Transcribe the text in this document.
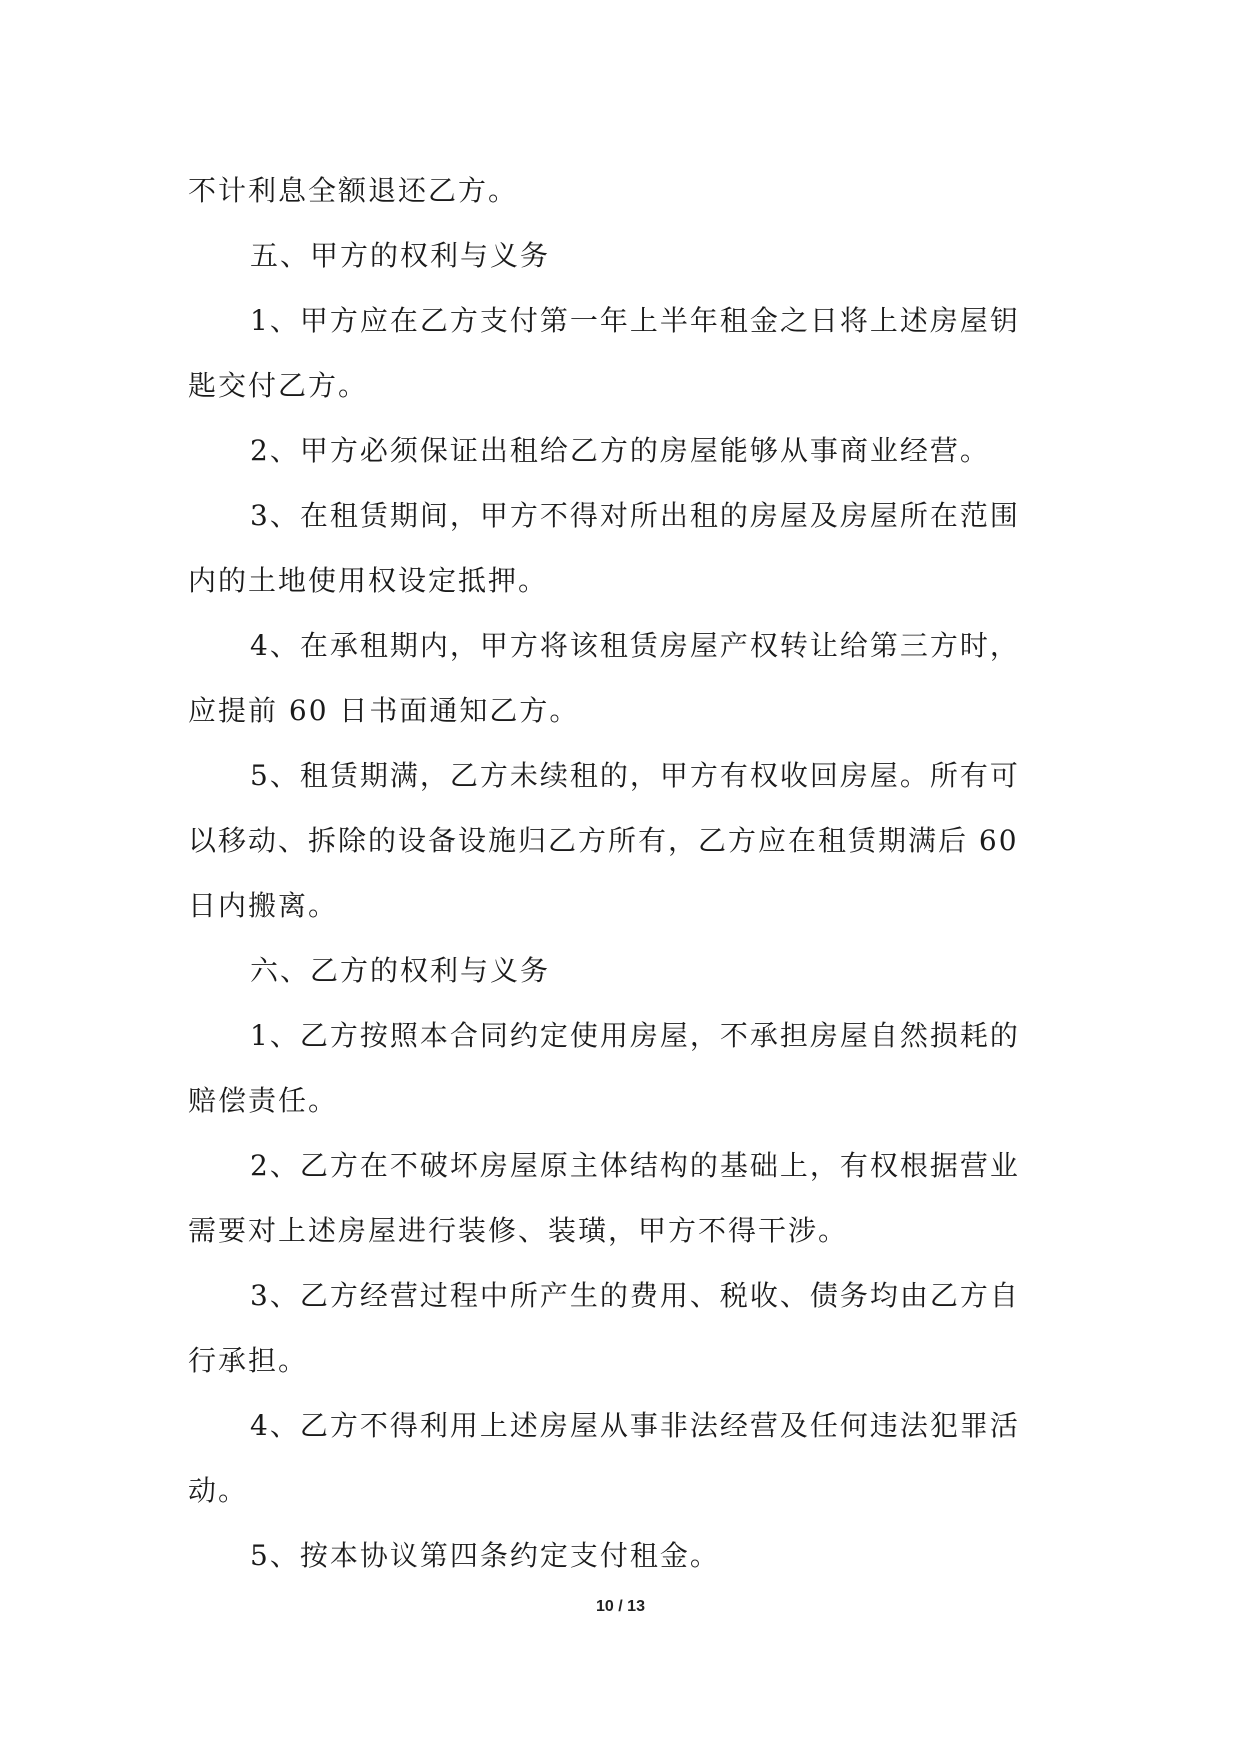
不计利息全额退还乙方。
五、甲方的权利与义务
1、甲方应在乙方支付第一年上半年租金之日将上述房屋钥
匙交付乙方。
2、甲方必须保证出租给乙方的房屋能够从事商业经营。
3、在租赁期间，甲方不得对所出租的房屋及房屋所在范围
内的土地使用权设定抵押。
4、在承租期内，甲方将该租赁房屋产权转让给第三方时，
应提前 60 日书面通知乙方。
5、租赁期满，乙方未续租的，甲方有权收回房屋。所有可
以移动、拆除的设备设施归乙方所有，乙方应在租赁期满后 60
日内搬离。
六、乙方的权利与义务
1、乙方按照本合同约定使用房屋，不承担房屋自然损耗的
赔偿责任。
2、乙方在不破坏房屋原主体结构的基础上，有权根据营业
需要对上述房屋进行装修、装璜，甲方不得干涉。
3、乙方经营过程中所产生的费用、税收、债务均由乙方自
行承担。
4、乙方不得利用上述房屋从事非法经营及任何违法犯罪活
动。
5、按本协议第四条约定支付租金。
10 / 13
